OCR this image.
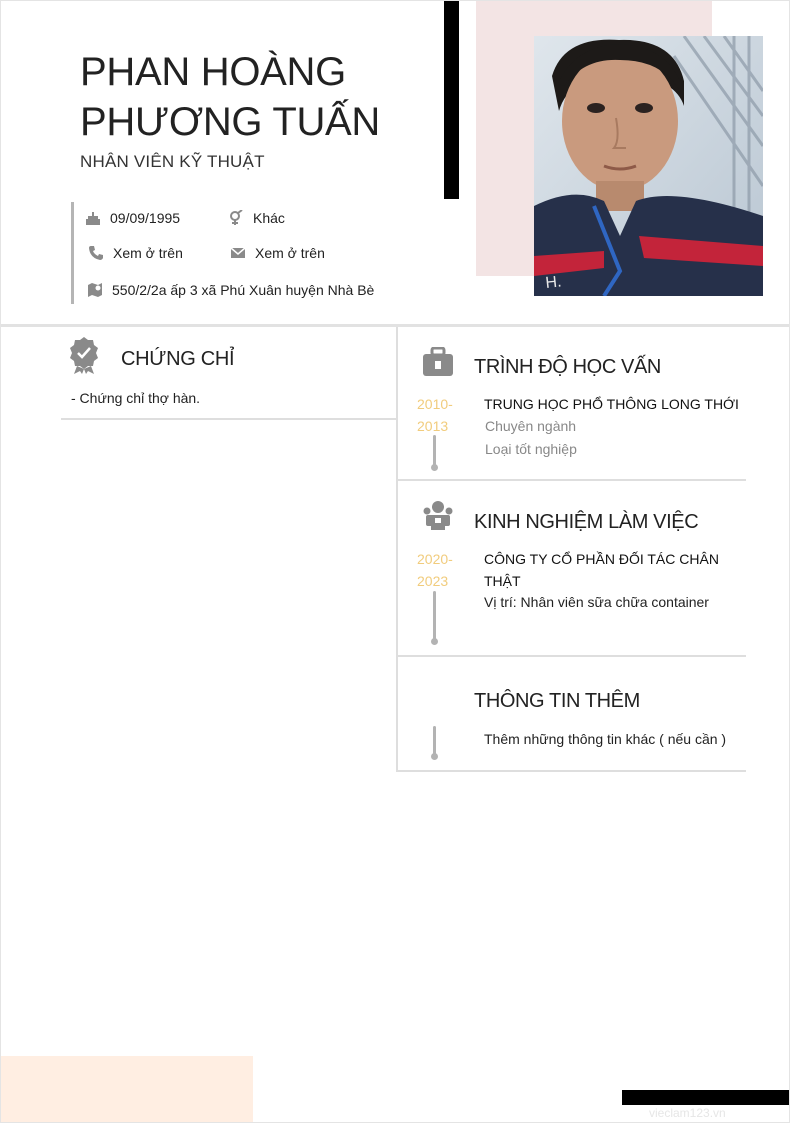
H.
PHAN HOÀNG
PHƯƠNG TUẤN
NHÂN VIÊN KỸ THUẬT
09/09/1995	Khác
Xem ở trên	Xem ở trên
550/2/2a ấp 3 xã Phú Xuân huyện Nhà Bè
CHỨNG CHỈ
- Chứng chỉ thợ hàn.
TRÌNH ĐỘ HỌC VẤN
2010-
2013
TRUNG HỌC PHỔ THÔNG LONG THỚI
Chuyên ngành
Loại tốt nghiệp
KINH NGHIỆM LÀM VIỆC
2020-
2023
CÔNG TY CỔ PHẦN ĐỐI TÁC CHÂN THẬT
Vị trí: Nhân viên sữa chữa container
THÔNG TIN THÊM
Thêm những thông tin khác ( nếu cần )
vieclam123.vn
